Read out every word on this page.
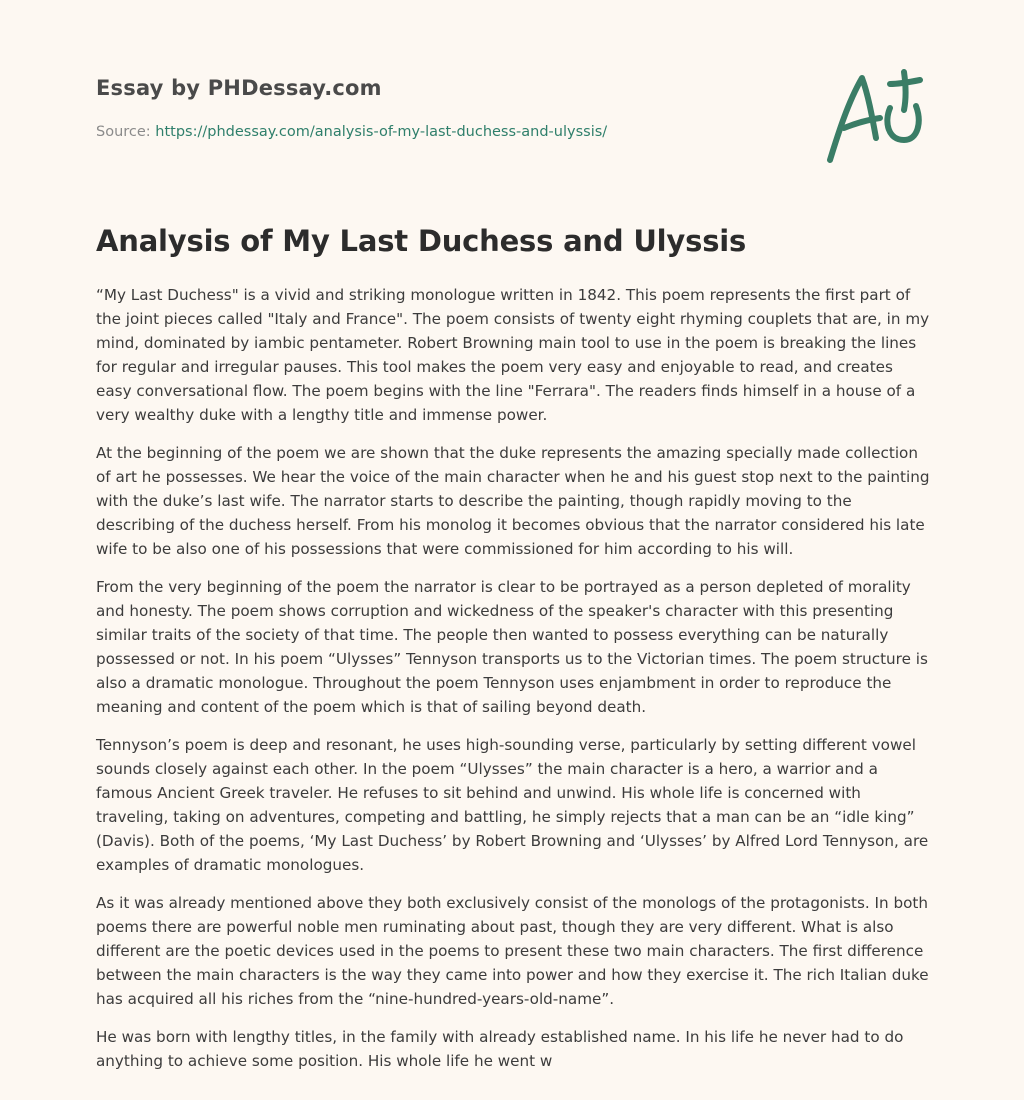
Essay by PHDessay.com
Source: https://phdessay.com/analysis-of-my-last-duchess-and-ulyssis/
Analysis of My Last Duchess and Ulyssis

“My Last Duchess" is a vivid and striking monologue written in 1842. This poem represents the first part of the joint pieces called "Italy and France". The poem consists of twenty eight rhyming couplets that are, in my mind, dominated by iambic pentameter. Robert Browning main tool to use in the poem is breaking the lines for regular and irregular pauses. This tool makes the poem very easy and enjoyable to read, and creates easy conversational flow. The poem begins with the line "Ferrara". The readers finds himself in a house of a very wealthy duke with a lengthy title and immense power.

At the beginning of the poem we are shown that the duke represents the amazing specially made collection of art he possesses. We hear the voice of the main character when he and his guest stop next to the painting with the duke’s last wife. The narrator starts to describe the painting, though rapidly moving to the describing of the duchess herself. From his monolog it becomes obvious that the narrator considered his late wife to be also one of his possessions that were commissioned for him according to his will.

From the very beginning of the poem the narrator is clear to be portrayed as a person depleted of morality and honesty. The poem shows corruption and wickedness of the speaker's character with this presenting similar traits of the society of that time. The people then wanted to possess everything can be naturally possessed or not. In his poem “Ulysses” Tennyson transports us to the Victorian times. The poem structure is also a dramatic monologue. Throughout the poem Tennyson uses enjambment in order to reproduce the meaning and content of the poem which is that of sailing beyond death.

Tennyson’s poem is deep and resonant, he uses high-sounding verse, particularly by setting different vowel sounds closely against each other. In the poem “Ulysses” the main character is a hero, a warrior and a famous Ancient Greek traveler. He refuses to sit behind and unwind. His whole life is concerned with traveling, taking on adventures, competing and battling, he simply rejects that a man can be an “idle king” (Davis). Both of the poems, ‘My Last Duchess’ by Robert Browning and ‘Ulysses’ by Alfred Lord Tennyson, are examples of dramatic monologues.

As it was already mentioned above they both exclusively consist of the monologs of the protagonists. In both poems there are powerful noble men ruminating about past, though they are very different. What is also different are the poetic devices used in the poems to present these two main characters. The first difference between the main characters is the way they came into power and how they exercise it. The rich Italian duke has acquired all his riches from the “nine-hundred-years-old-name”.

He was born with lengthy titles, in the family with already established name. In his life he never had to do anything to achieve some position. His whole life he went w
